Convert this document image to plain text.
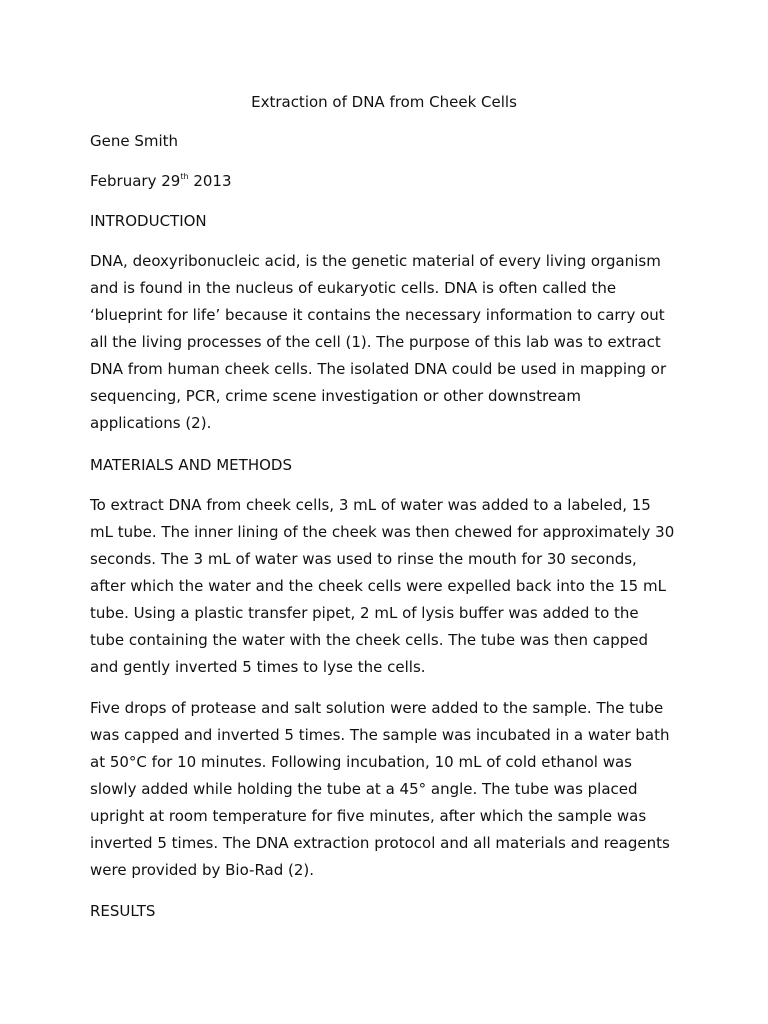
Extraction of DNA from Cheek Cells
Gene Smith
February 29th 2013
INTRODUCTION
DNA, deoxyribonucleic acid, is the genetic material of every living organism
and is found in the nucleus of eukaryotic cells. DNA is often called the
‘blueprint for life’ because it contains the necessary information to carry out
all the living processes of the cell (1). The purpose of this lab was to extract
DNA from human cheek cells. The isolated DNA could be used in mapping or
sequencing, PCR, crime scene investigation or other downstream
applications (2).
MATERIALS AND METHODS
To extract DNA from cheek cells, 3 mL of water was added to a labeled, 15
mL tube. The inner lining of the cheek was then chewed for approximately 30
seconds. The 3 mL of water was used to rinse the mouth for 30 seconds,
after which the water and the cheek cells were expelled back into the 15 mL
tube. Using a plastic transfer pipet, 2 mL of lysis buffer was added to the
tube containing the water with the cheek cells. The tube was then capped
and gently inverted 5 times to lyse the cells.
Five drops of protease and salt solution were added to the sample. The tube
was capped and inverted 5 times. The sample was incubated in a water bath
at 50°C for 10 minutes. Following incubation, 10 mL of cold ethanol was
slowly added while holding the tube at a 45° angle. The tube was placed
upright at room temperature for five minutes, after which the sample was
inverted 5 times. The DNA extraction protocol and all materials and reagents
were provided by Bio-Rad (2).
RESULTS
